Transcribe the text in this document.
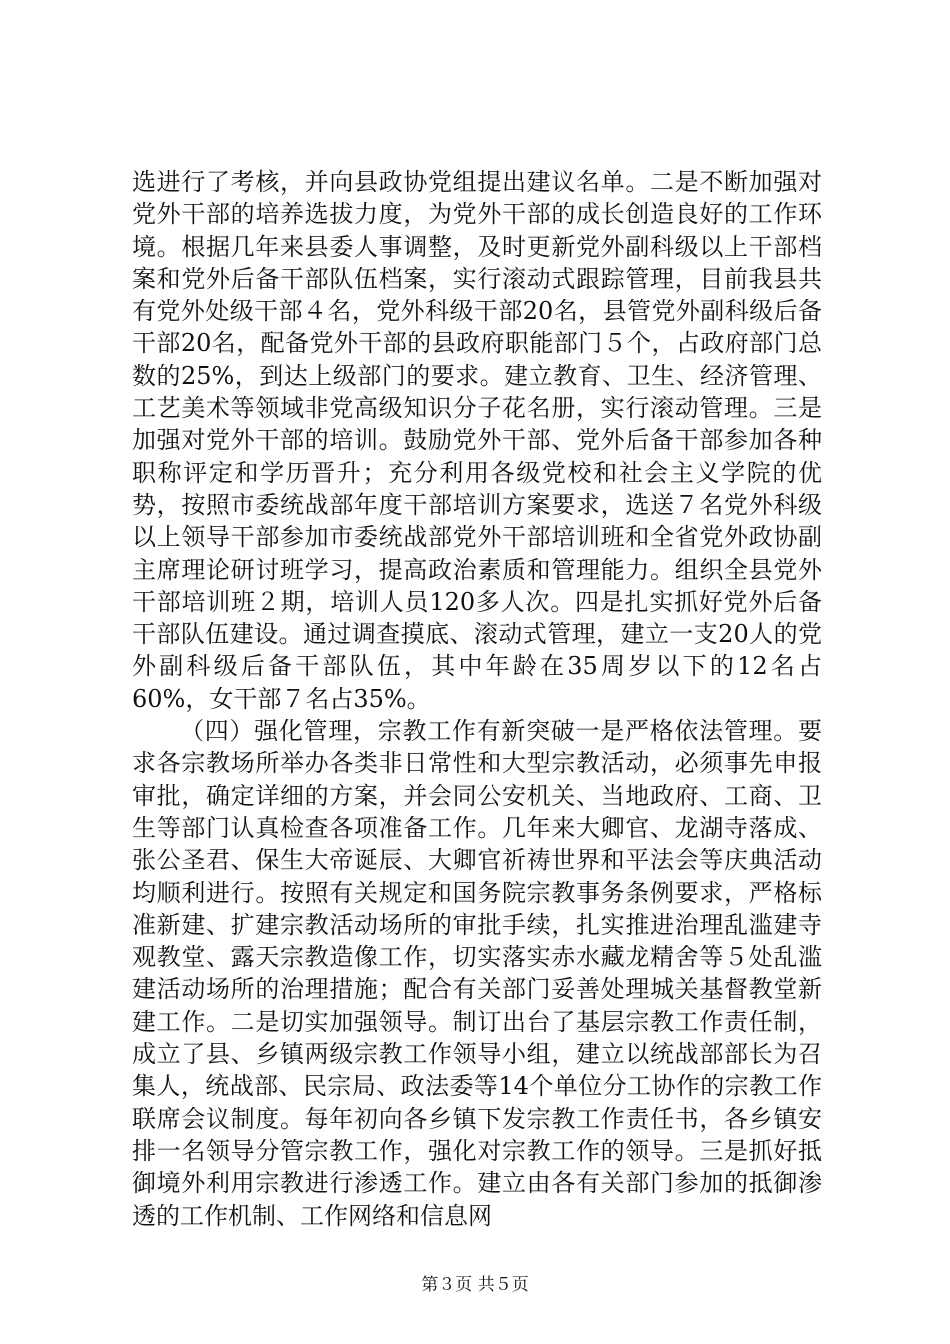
选进行了考核，并向县政协党组提出建议名单。二是不断加强对党外干部的培养选拔力度，为党外干部的成长创造良好的工作环境。根据几年来县委人事调整，及时更新党外副科级以上干部档案和党外后备干部队伍档案，实行滚动式跟踪管理，目前我县共有党外处级干部４名，党外科级干部20名，县管党外副科级后备干部20名，配备党外干部的县政府职能部门５个，占政府部门总数的25%，到达上级部门的要求。建立教育、卫生、经济管理、工艺美术等领域非党高级知识分子花名册，实行滚动管理。三是加强对党外干部的培训。鼓励党外干部、党外后备干部参加各种职称评定和学历晋升；充分利用各级党校和社会主义学院的优势，按照市委统战部年度干部培训方案要求，选送７名党外科级以上领导干部参加市委统战部党外干部培训班和全省党外政协副主席理论研讨班学习，提高政治素质和管理能力。组织全县党外干部培训班２期，培训人员120多人次。四是扎实抓好党外后备干部队伍建设。通过调查摸底、滚动式管理，建立一支20人的党外副科级后备干部队伍，其中年龄在35周岁以下的12名占60%，女干部７名占35%。

（四）强化管理，宗教工作有新突破一是严格依法管理。要求各宗教场所举办各类非日常性和大型宗教活动，必须事先申报审批，确定详细的方案，并会同公安机关、当地政府、工商、卫生等部门认真检查各项准备工作。几年来大卿官、龙湖寺落成、张公圣君、保生大帝诞辰、大卿官祈祷世界和平法会等庆典活动均顺利进行。按照有关规定和国务院宗教事务条例要求，严格标准新建、扩建宗教活动场所的审批手续，扎实推进治理乱滥建寺观教堂、露天宗教造像工作，切实落实赤水藏龙精舍等５处乱滥建活动场所的治理措施；配合有关部门妥善处理城关基督教堂新建工作。二是切实加强领导。制订出台了基层宗教工作责任制，成立了县、乡镇两级宗教工作领导小组，建立以统战部部长为召集人，统战部、民宗局、政法委等14个单位分工协作的宗教工作联席会议制度。每年初向各乡镇下发宗教工作责任书，各乡镇安排一名领导分管宗教工作，强化对宗教工作的领导。三是抓好抵御境外利用宗教进行渗透工作。建立由各有关部门参加的抵御渗透的工作机制、工作网络和信息网

第３页 共５页
